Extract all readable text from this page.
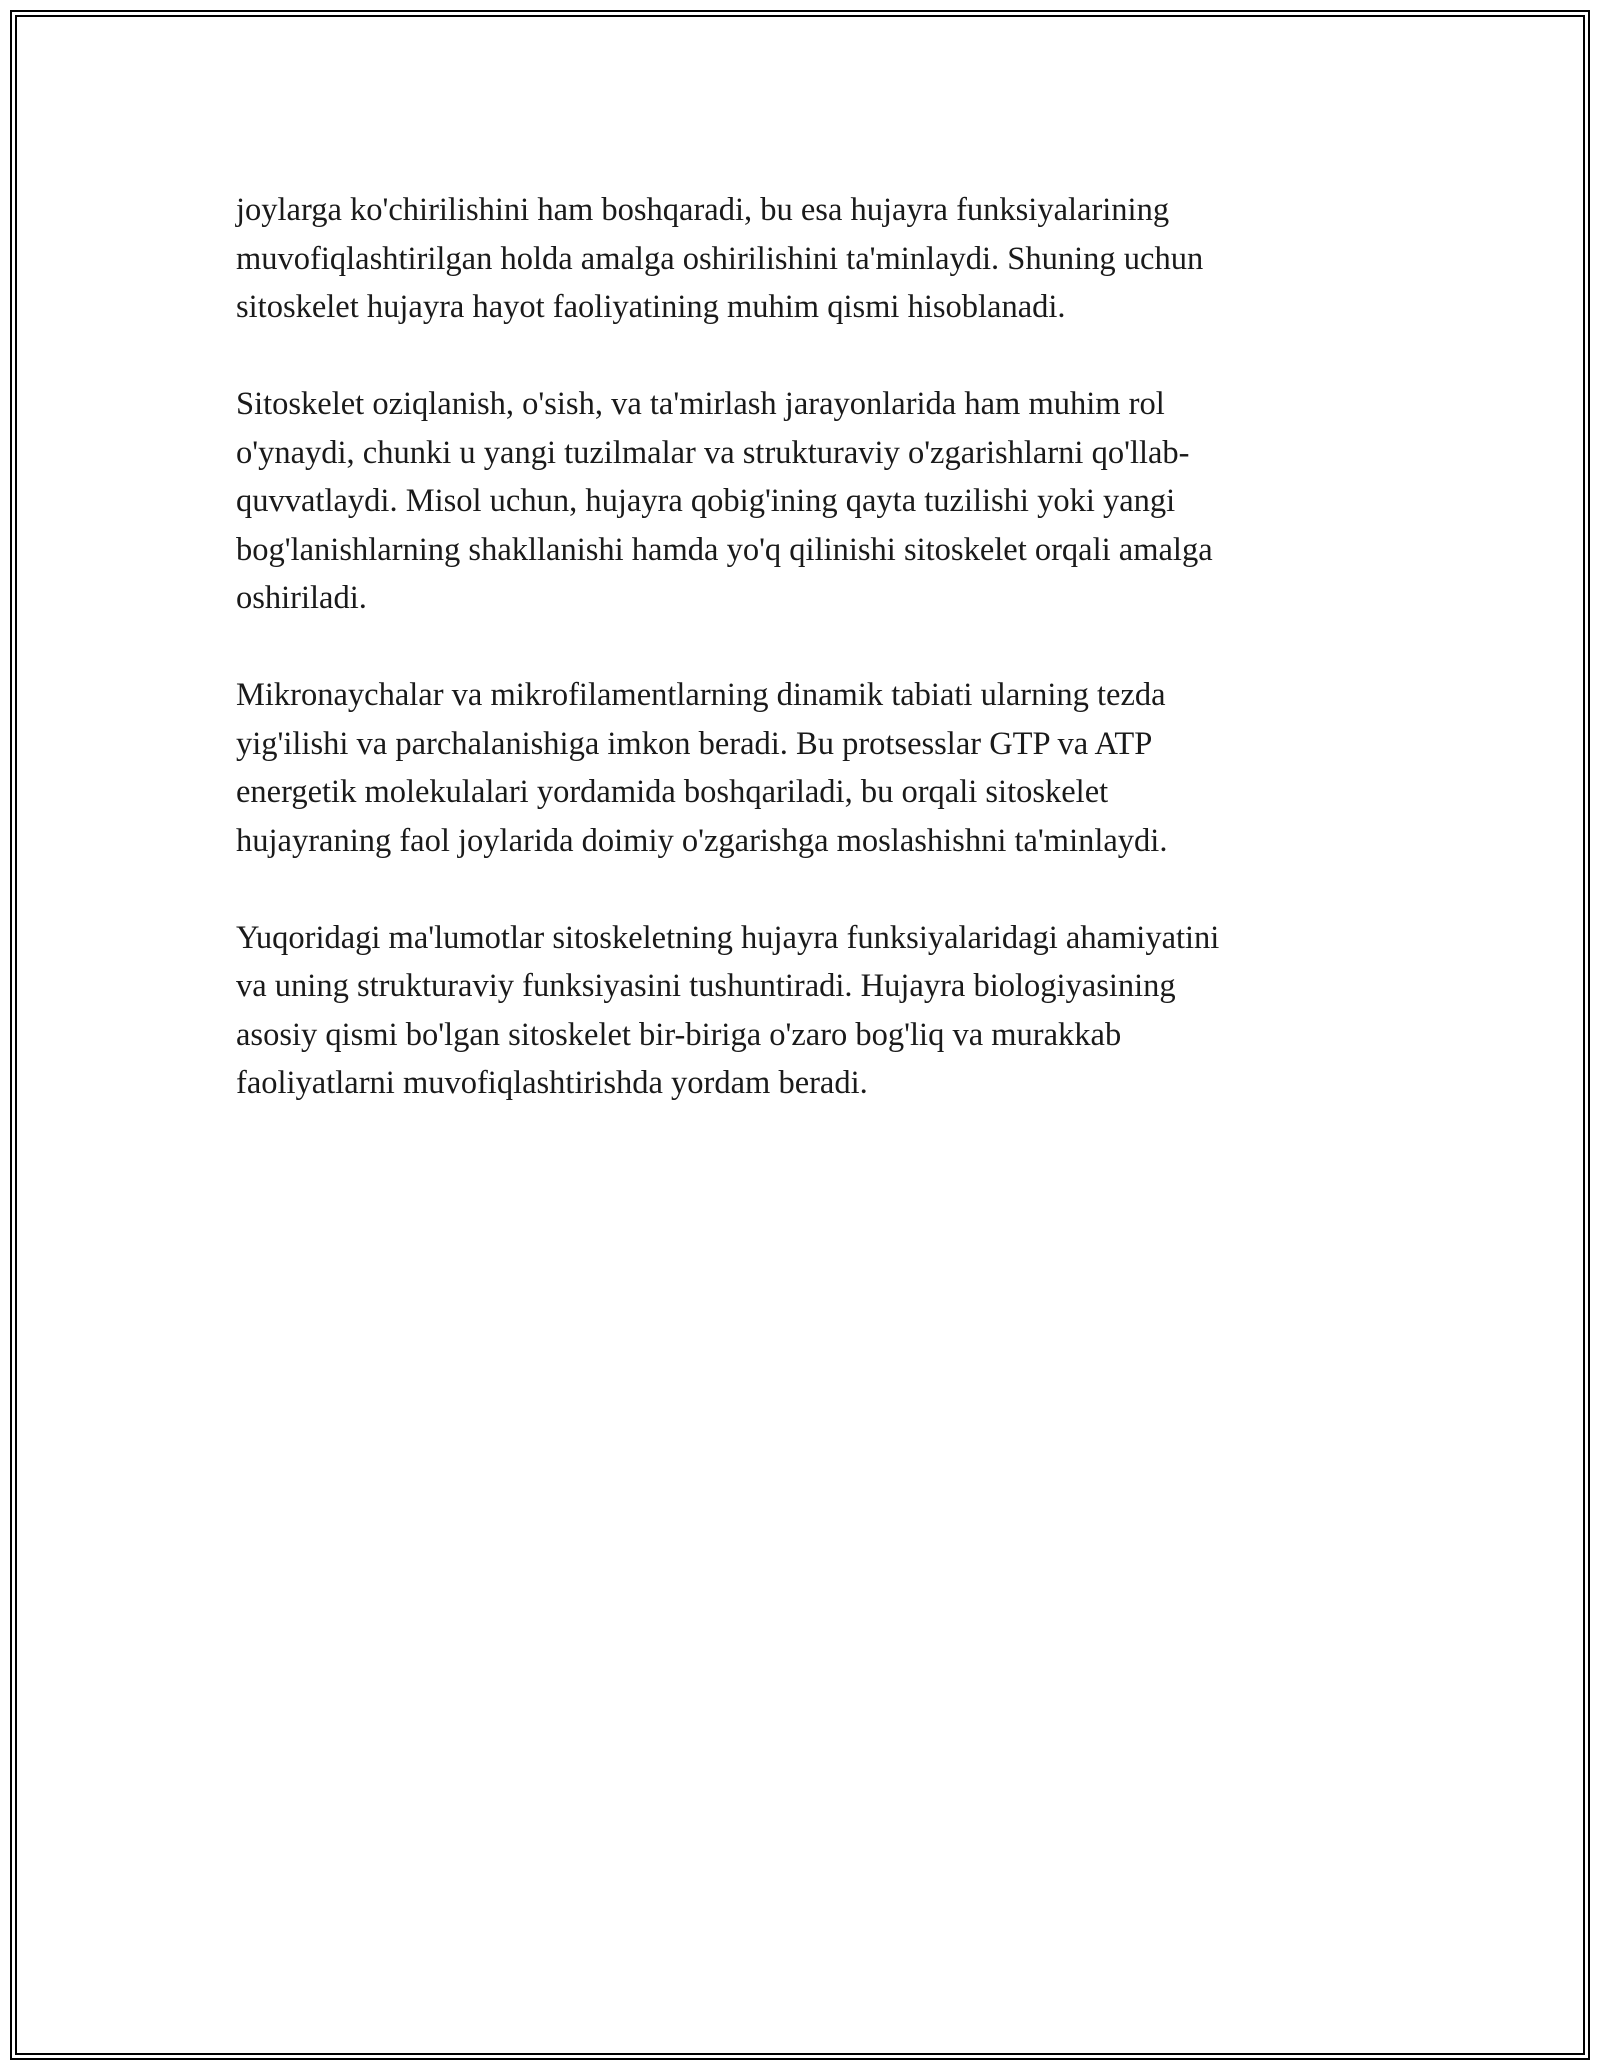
joylarga ko'chirilishini ham boshqaradi, bu esa hujayra funksiyalarining
muvofiqlashtirilgan holda amalga oshirilishini ta'minlaydi. Shuning uchun
sitoskelet hujayra hayot faoliyatining muhim qismi hisoblanadi.

Sitoskelet oziqlanish, o'sish, va ta'mirlash jarayonlarida ham muhim rol
o'ynaydi, chunki u yangi tuzilmalar va strukturaviy o'zgarishlarni qo'llab-
quvvatlaydi. Misol uchun, hujayra qobig'ining qayta tuzilishi yoki yangi
bog'lanishlarning shakllanishi hamda yo'q qilinishi sitoskelet orqali amalga
oshiriladi.

Mikronaychalar va mikrofilamentlarning dinamik tabiati ularning tezda
yig'ilishi va parchalanishiga imkon beradi. Bu protsesslar GTP va ATP
energetik molekulalari yordamida boshqariladi, bu orqali sitoskelet
hujayraning faol joylarida doimiy o'zgarishga moslashishni ta'minlaydi.

Yuqoridagi ma'lumotlar sitoskeletning hujayra funksiyalaridagi ahamiyatini
va uning strukturaviy funksiyasini tushuntiradi. Hujayra biologiyasining
asosiy qismi bo'lgan sitoskelet bir-biriga o'zaro bog'liq va murakkab
faoliyatlarni muvofiqlashtirishda yordam beradi.
